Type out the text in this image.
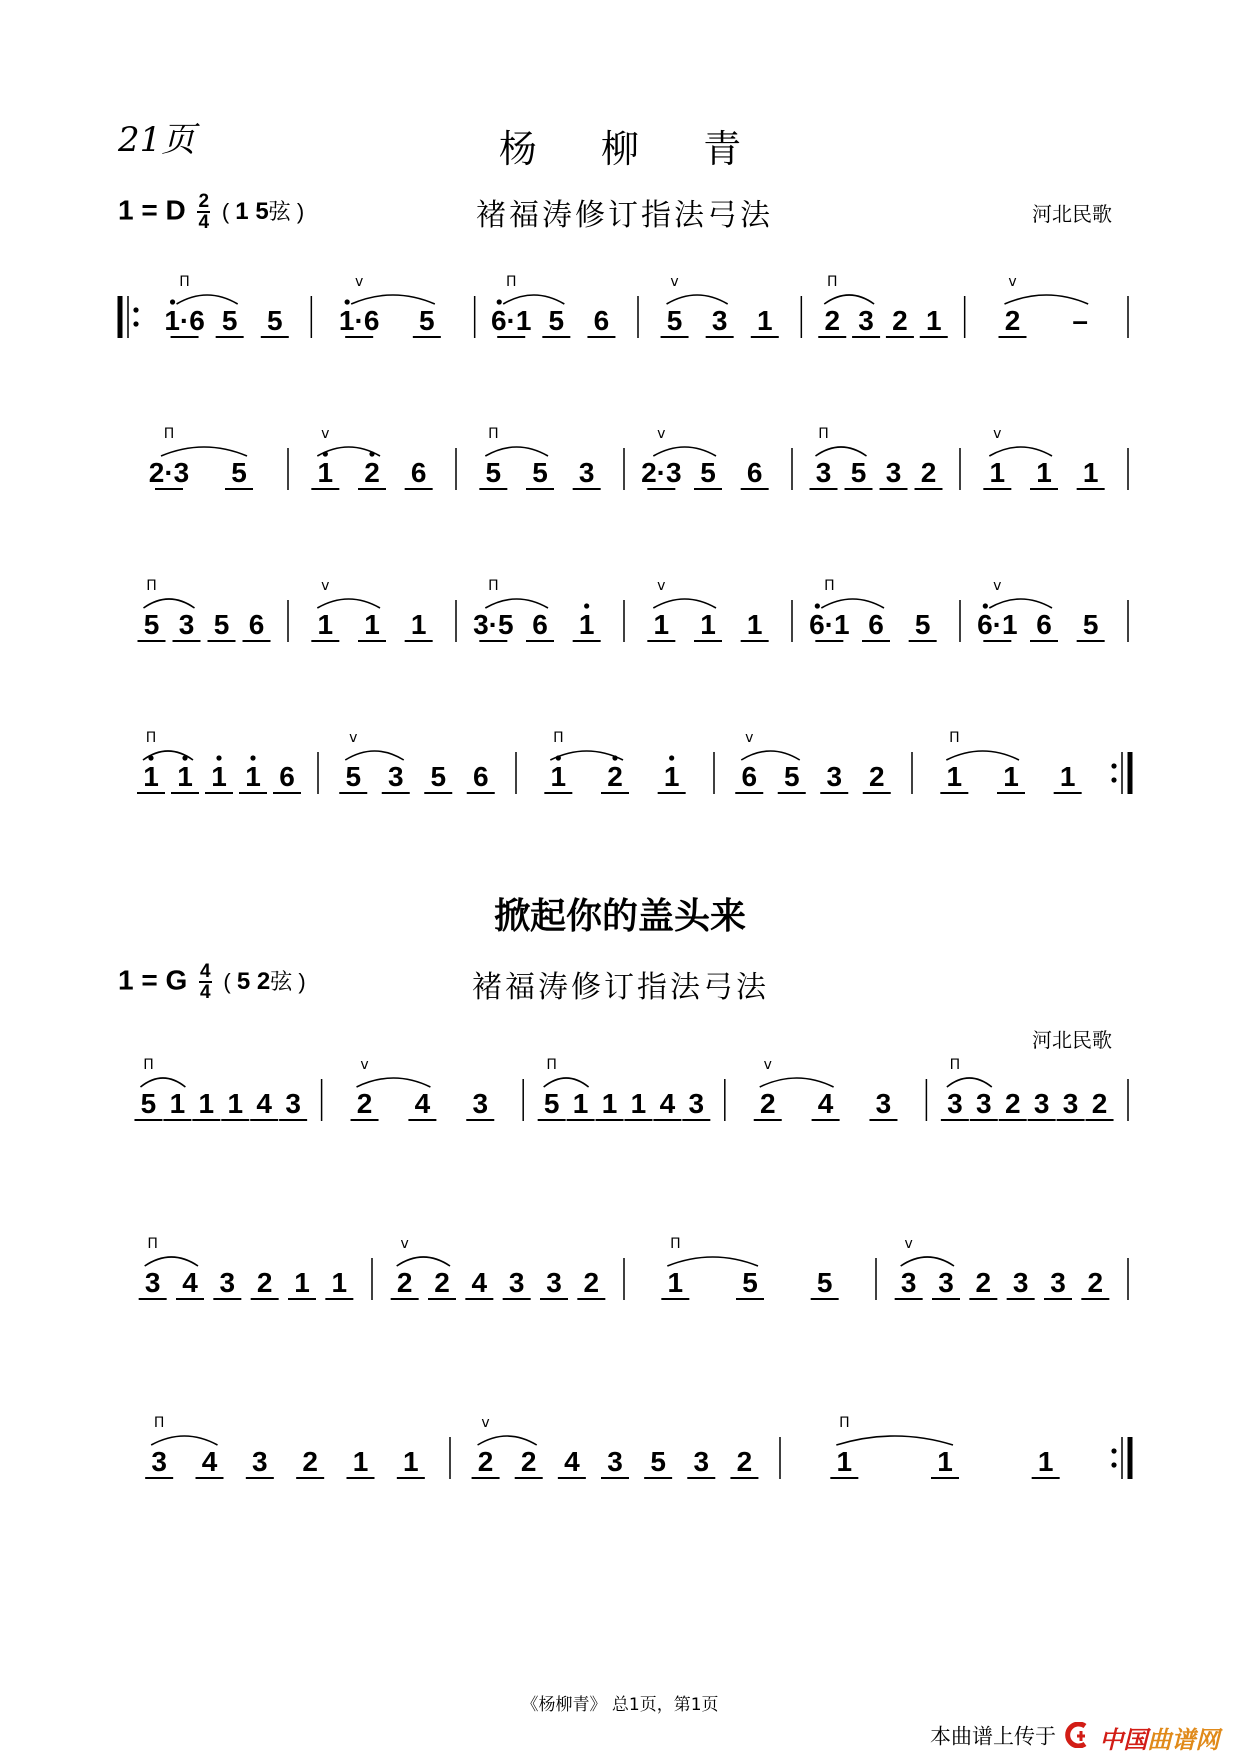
21页	杨 柳 青
1 = D $\frac{2}{4}$ ( 1 5弦 )	褚福涛修订指法弓法	河北民歌
掀起你的盖头来
1 = G $\frac{4}{4}$ ( 5 2弦 )	褚福涛修订指法弓法
河北民歌
1·6 5 5
Π
1·6 5
v
6·1 5 6
Π
5 3 1
v
2 3 2 1
Π
2 –
v
2·3 5
Π
1 2 6
v
5 5 3
Π
2·3 5 6
v
3 5 3 2
Π
1 1 1
v
5 3 5 6
Π
1 1 1
v
3·5 6 1
Π
1 1 1
v
6·1 6 5
Π
6·1 6 5
v
1 1 1 1 6
Π
5 3 5 6
v
1 2 1
Π
6 5 3 2
v
1 1 1
Π
5 1 1 1 4 3
Π
2 4 3
v
5 1 1 1 4 3
Π
2 4 3
v
3 3 2 3 3 2
Π
3 4 3 2 1 1
Π
2 2 4 3 3 2
v
1 5 5
Π
3 3 2 3 3 2
v
3 4 3 2 1 1
Π
2 2 4 3 5 3 2
v
1	1	1
Π
《杨柳青》 总1页，第1页
本曲谱上传于 中国曲谱网
